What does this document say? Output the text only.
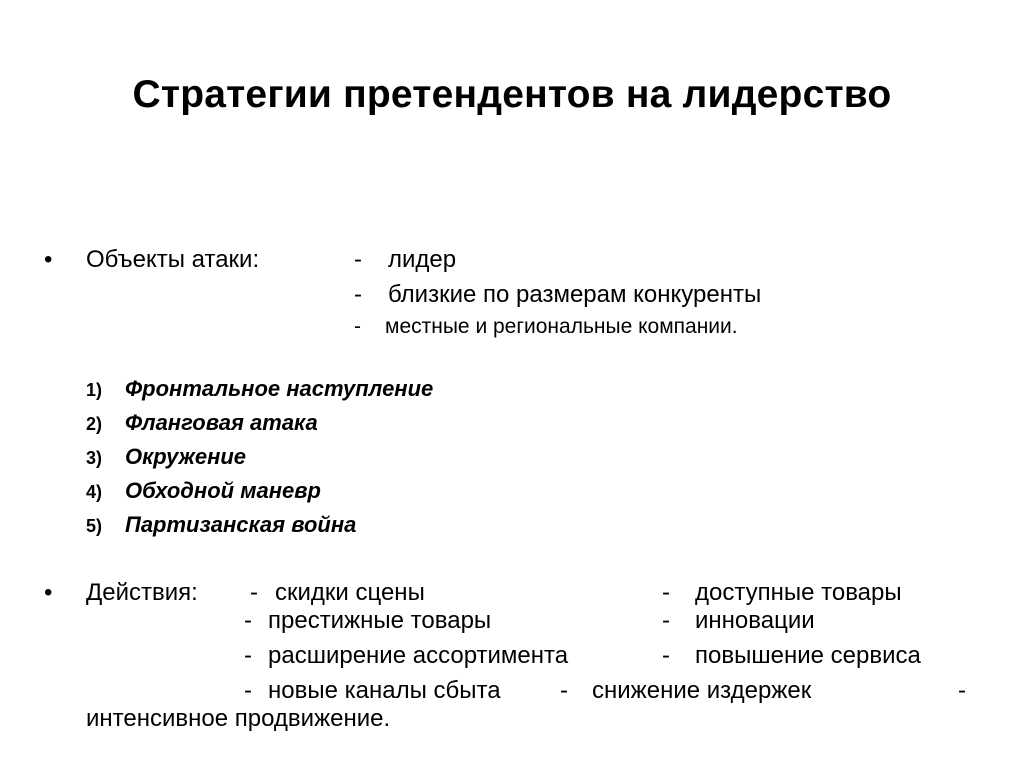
Стратегии претендентов на лидерство
• Объекты атаки:	- лидер
- близкие по размерам конкуренты
- местные и региональные компании.
1) Фронтальное наступление
2) Фланговая атака
3) Окружение
4) Обходной маневр
5) Партизанская война
• Действия: - скидки сцены	- доступные товары
- престижные товары	- инновации
- расширение ассортимента	- повышение сервиса
- новые каналы сбыта - снижение издержек	-
интенсивное продвижение.
